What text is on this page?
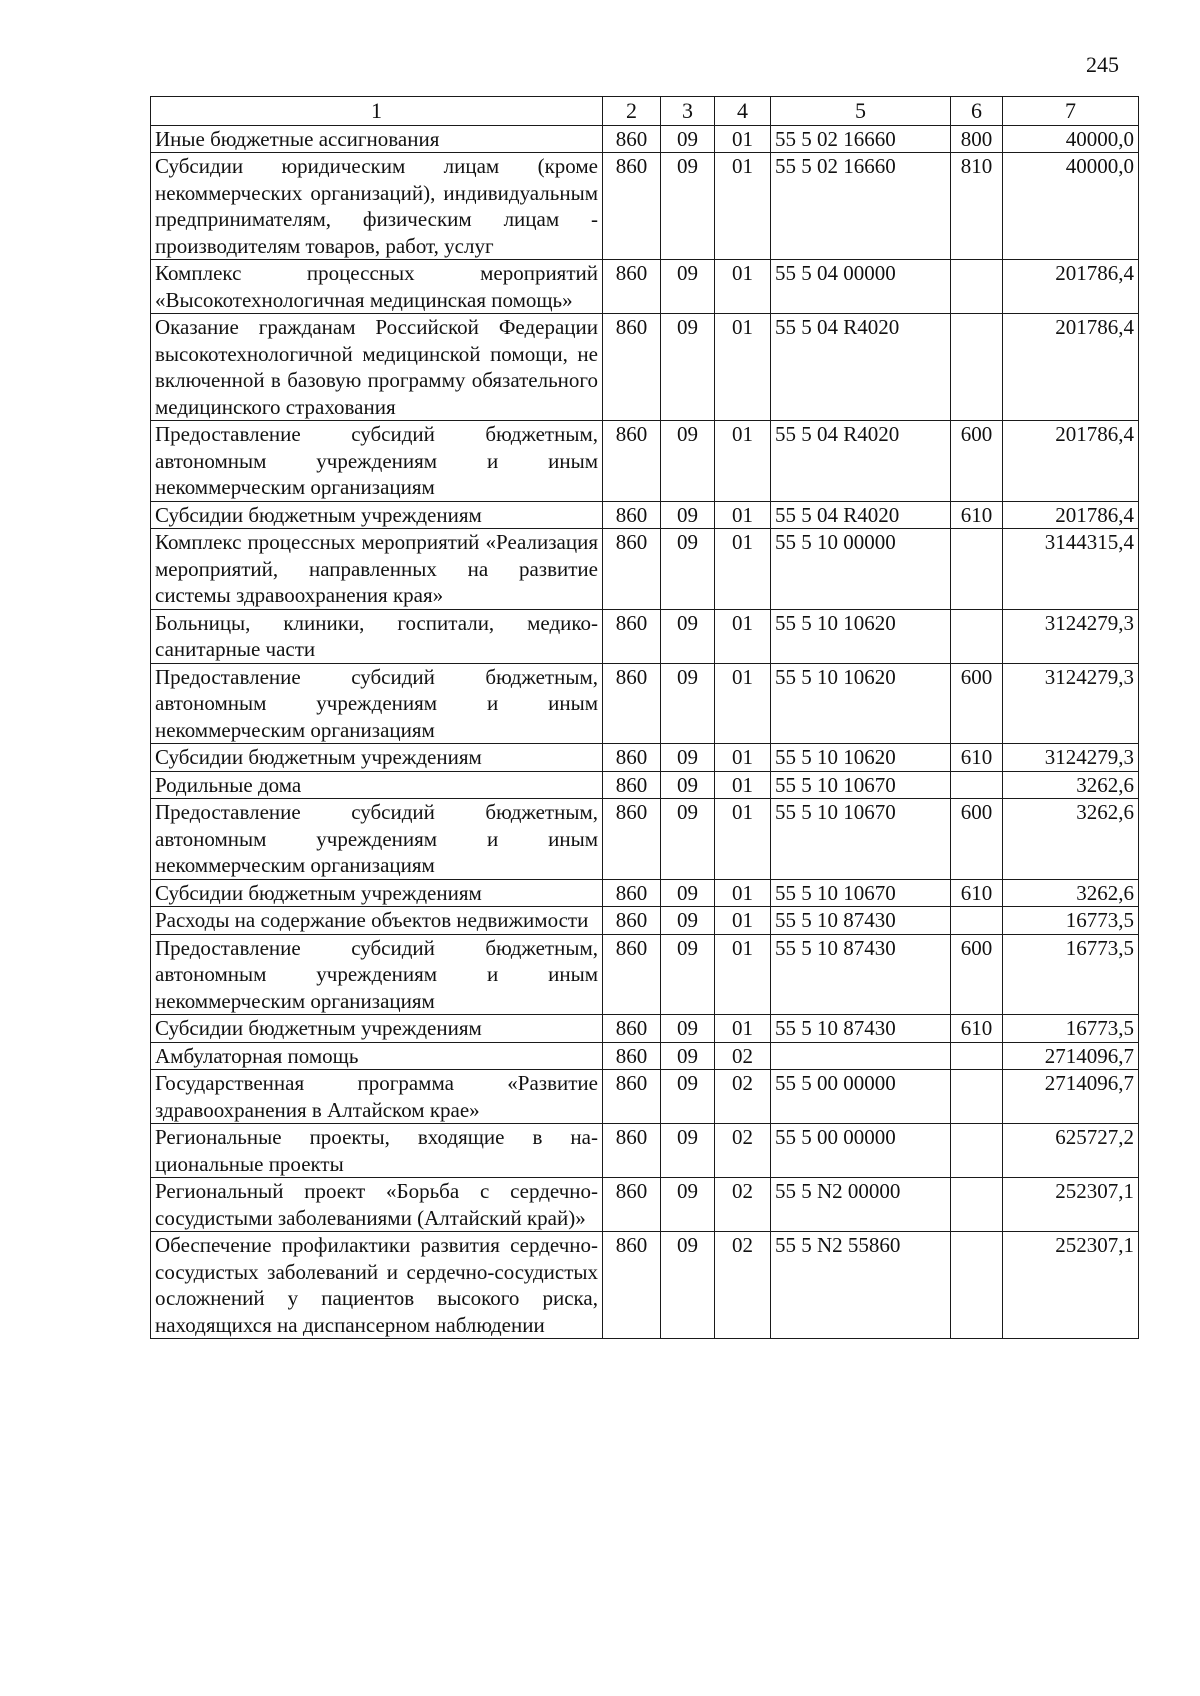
245
1	2	3	4	5	6	7
Иные бюджетные ассигнования	860	09	01	55 5 02 16660	800	40000,0
Субсидии юридическим лицам (кроме некоммерческих организаций), индивидуальным предпринимателям, физическим лицам - производителям товаров, работ, услуг	860	09	01	55 5 02 16660	810	40000,0
Комплекс процессных мероприятий «Высокотехнологичная медицинская помощь»	860	09	01	55 5 04 00000		201786,4
Оказание гражданам Российской Федерации высокотехнологичной медицинской помощи, не включенной в базовую программу обязательного медицинского страхования	860	09	01	55 5 04 R4020		201786,4
Предоставление субсидий бюджетным, автономным учреждениям и иным некоммерческим организациям	860	09	01	55 5 04 R4020	600	201786,4
Субсидии бюджетным учреждениям	860	09	01	55 5 04 R4020	610	201786,4
Комплекс процессных мероприятий «Реализация мероприятий, направленных на развитие системы здравоохранения края»	860	09	01	55 5 10 00000		3144315,4
Больницы, клиники, госпитали, медико-санитарные части	860	09	01	55 5 10 10620		3124279,3
Предоставление субсидий бюджетным, автономным учреждениям и иным некоммерческим организациям	860	09	01	55 5 10 10620	600	3124279,3
Субсидии бюджетным учреждениям	860	09	01	55 5 10 10620	610	3124279,3
Родильные дома	860	09	01	55 5 10 10670		3262,6
Предоставление субсидий бюджетным, автономным учреждениям и иным некоммерческим организациям	860	09	01	55 5 10 10670	600	3262,6
Субсидии бюджетным учреждениям	860	09	01	55 5 10 10670	610	3262,6
Расходы на содержание объектов недвижимости	860	09	01	55 5 10 87430		16773,5
Предоставление субсидий бюджетным, автономным учреждениям и иным некоммерческим организациям	860	09	01	55 5 10 87430	600	16773,5
Субсидии бюджетным учреждениям	860	09	01	55 5 10 87430	610	16773,5
Амбулаторная помощь	860	09	02			2714096,7
Государственная программа «Развитие здравоохранения в Алтайском крае»	860	09	02	55 5 00 00000		2714096,7
Региональные проекты, входящие в национальные проекты	860	09	02	55 5 00 00000		625727,2
Региональный проект «Борьба с сердечно-сосудистыми заболеваниями (Алтайский край)»	860	09	02	55 5 N2 00000		252307,1
Обеспечение профилактики развития сердечно-сосудистых заболеваний и сердечно-сосудистых осложнений у пациентов высокого риска, находящихся на диспансерном наблюдении	860	09	02	55 5 N2 55860		252307,1
